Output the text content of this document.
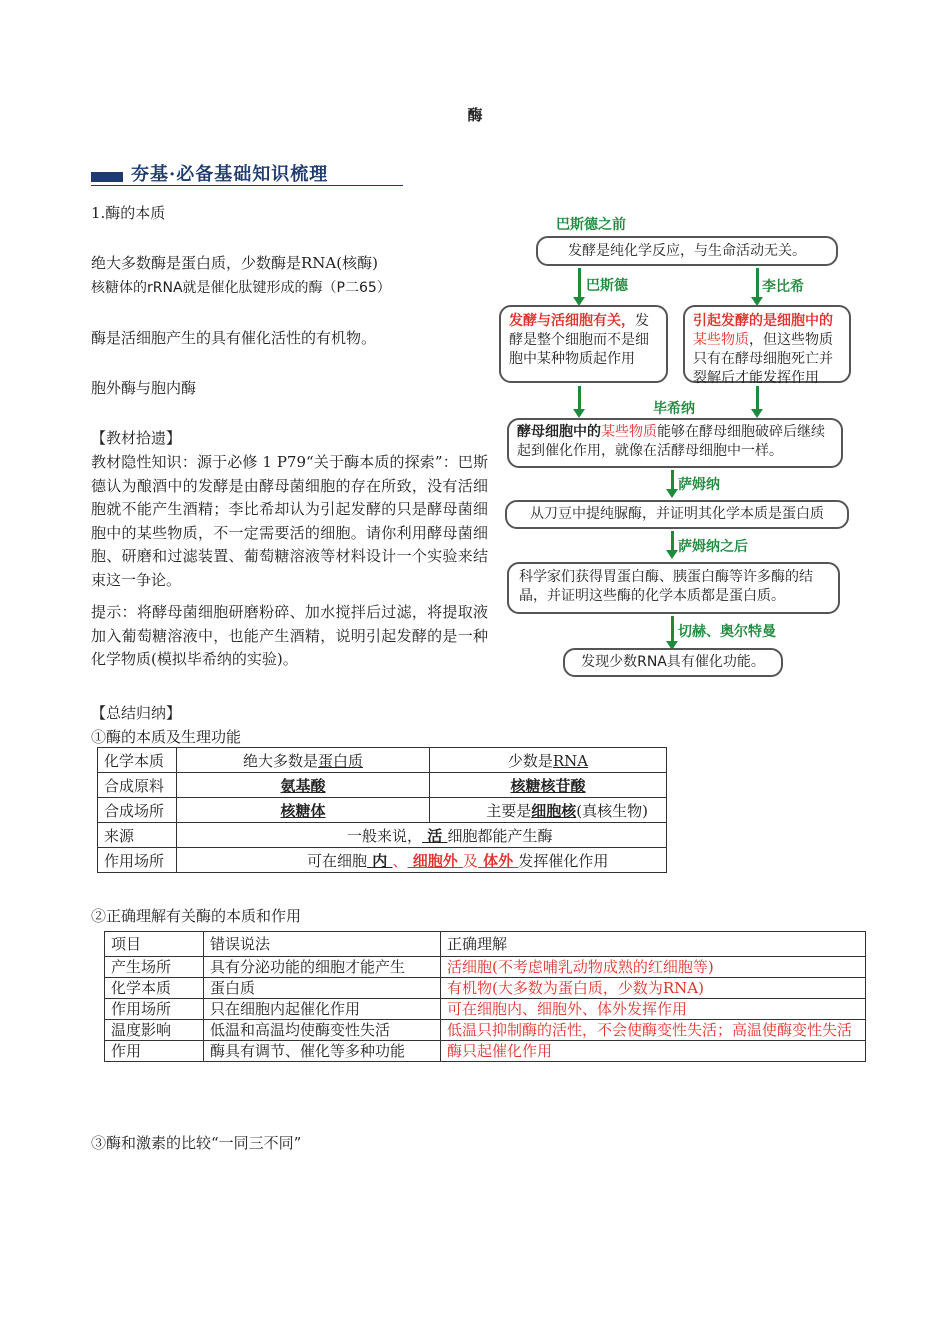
酶
夯基·必备基础知识梳理
1.酶的本质
绝大多数酶是蛋白质，少数酶是RNA(核酶)
核糖体的rRNA就是催化肽键形成的酶（P二65）
酶是活细胞产生的具有催化活性的有机物。
胞外酶与胞内酶
【教材拾遗】
教材隐性知识：源于必修 1 P79“关于酶本质的探索”：巴斯德认为酿酒中的发酵是由酵母菌细胞的存在所致，没有活细胞就不能产生酒精；李比希却认为引起发酵的只是酵母菌细胞中的某些物质，不一定需要活的细胞。请你利用酵母菌细胞、研磨和过滤装置、葡萄糖溶液等材料设计一个实验来结束这一争论。
提示：将酵母菌细胞研磨粉碎、加水搅拌后过滤，将提取液加入葡萄糖溶液中，也能产生酒精，说明引起发酵的是一种化学物质(模拟毕希纳的实验)。
【总结归纳】
巴斯德之前
发酵是纯化学反应，与生命活动无关。
巴斯德	李比希
发酵与活细胞有关，发酵是整个细胞而不是细胞中某种物质起作用
引起发酵的是细胞中的某些物质，但这些物质只有在酵母细胞死亡并裂解后才能发挥作用
毕希纳
酵母细胞中的某些物质能够在酵母细胞破碎后继续起到催化作用，就像在活酵母细胞中一样。
萨姆纳
从刀豆中提纯脲酶，并证明其化学本质是蛋白质
萨姆纳之后
科学家们获得胃蛋白酶、胰蛋白酶等许多酶的结晶，并证明这些酶的化学本质都是蛋白质。
切赫、奥尔特曼
发现少数RNA具有催化功能。
①酶的本质及生理功能
化学本质	绝大多数是蛋白质	少数是RNA
合成原料	氨基酸	核糖核苷酸
合成场所	核糖体	主要是细胞核(真核生物)
来源	一般来说， 活 细胞都能产生酶	
作用场所	可在细胞 内 、 细胞外 及 体外 发挥催化作用	
②正确理解有关酶的本质和作用
项目	错误说法	正确理解
产生场所	具有分泌功能的细胞才能产生	活细胞(不考虑哺乳动物成熟的红细胞等)
化学本质	蛋白质	有机物(大多数为蛋白质，少数为RNA)
作用场所	只在细胞内起催化作用	可在细胞内、细胞外、体外发挥作用
温度影响	低温和高温均使酶变性失活	低温只抑制酶的活性，不会使酶变性失活；高温使酶变性失活
作用	酶具有调节、催化等多种功能	酶只起催化作用
③酶和激素的比较“一同三不同”
